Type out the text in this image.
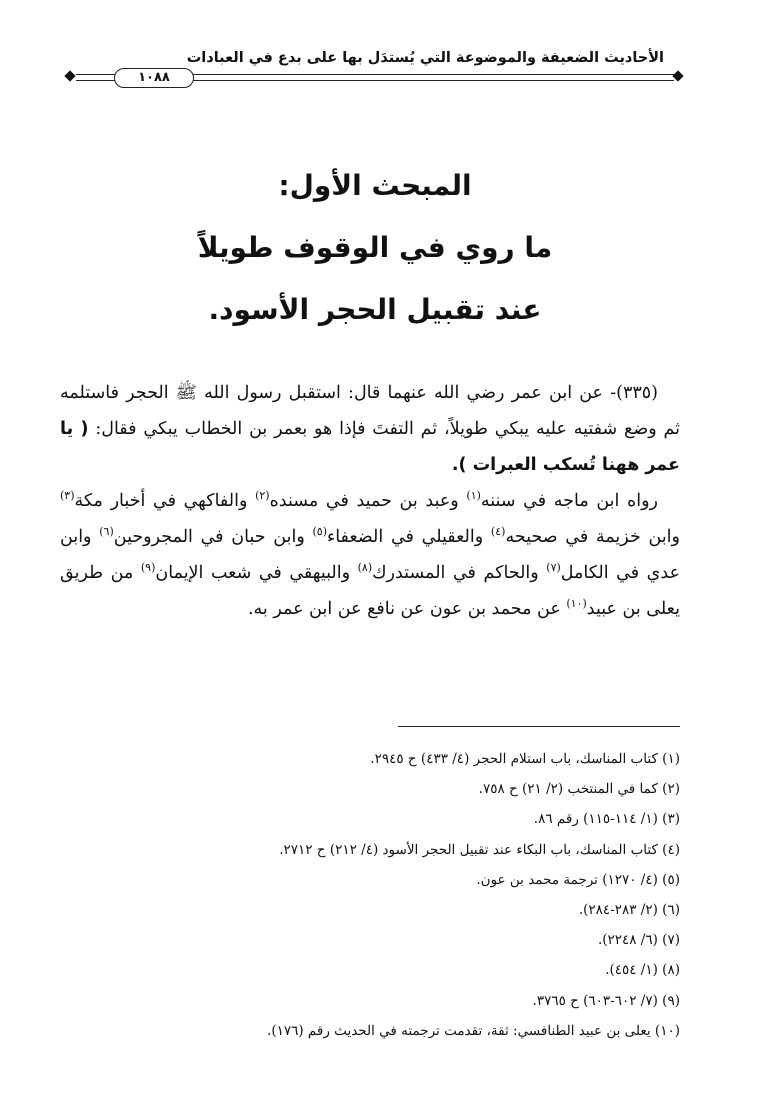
الأحاديث الضعيفة والموضوعة التي يُستدَل بها على بدع في العبادات
١٠٨٨
المبحث الأول:
ما روي في الوقوف طويلاً
عند تقبيل الحجر الأسود.

(٣٣٥)- عن ابن عمر رضي الله عنهما قال: استقبل رسول الله ﷺ الحجر فاستلمه ثم وضع شفتيه عليه يبكي طويلاً، ثم التفتَ فإذا هو بعمر بن الخطاب يبكي فقال: ( يا عمر ههنا تُسكب العبرات ).

رواه ابن ماجه في سننه$^{(١)}$ وعبد بن حميد في مسنده$^{(٢)}$ والفاكهي في أخبار مكة$^{(٣)}$ وابن خزيمة في صحيحه$^{(٤)}$ والعقيلي في الضعفاء$^{(٥)}$ وابن حبان في المجروحين$^{(٦)}$ وابن عدي في الكامل$^{(٧)}$ والحاكم في المستدرك$^{(٨)}$ والبيهقي في شعب الإيمان$^{(٩)}$ من طريق يعلى بن عبيد$^{(١٠)}$ عن محمد بن عون عن نافع عن ابن عمر به.

(١) كتاب المناسك، باب استلام الحجر (٤/ ٤٣٣) ح ٢٩٤٥.
(٢) كما في المنتخب (٢/ ٢١) ح ٧٥٨.
(٣) (١/ ١١٤-١١٥) رقم ٨٦.
(٤) كتاب المناسك، باب البكاء عند تقبيل الحجر الأسود (٤/ ٢١٢) ح ٢٧١٢.
(٥) (٤/ ١٢٧٠) ترجمة محمد بن عون.
(٦) (٢/ ٢٨٣-٢٨٤).
(٧) (٦/ ٢٢٤٨).
(٨) (١/ ٤٥٤).
(٩) (٧/ ٦٠٢-٦٠٣) ح ٣٧٦٥.
(١٠) يعلى بن عبيد الطنافسي: ثقة، تقدمت ترجمته في الحديث رقم (١٧٦).
